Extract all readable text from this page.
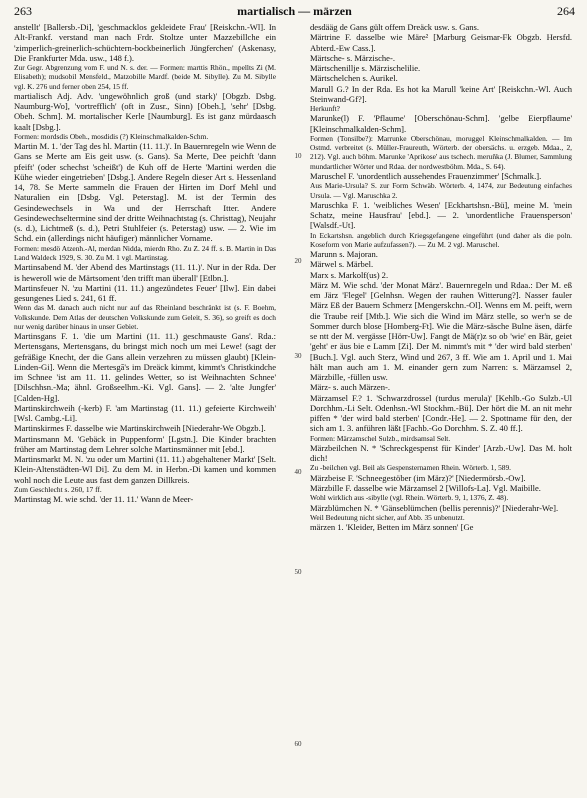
263	martialisch — märzen	264
10
20
30
40
50
60

anstellt' [Ballersb.-Di], 'geschmacklos gekleidete Frau' [Reiskchn.-Wl]. In Alt-Frankf. verstand man nach Frdr. Stoltze unter Mazzebillche ein 'zimperlich-greinerlich-schüchtern-bockbeinerlich Jüngferchen' (Askenasy, Die Frankfurter Mda. usw., 148 f.).

Zur Gegr. Abgrenzung vom F. und N. s. der. — Formen: marttis Rhön., mpellts Zi (M. Elisabeth); mudsobil Mensfeld., Matzobille Mardf. (beide M. Sibylle). Zu M. Sibylle vgl. K. 276 und ferner oben 254, 15 ff.

martialisch Adj. Adv. 'ungewöhnlich groß (und stark)' [Obgzb. Dsbg. Naumburg-Wo], 'vortrefflich' (oft in Zusr., Sinn) [Obeh.], 'sehr' [Dsbg. Obeh. Schm]. M. mortalischer Kerle [Naumburg]. Es ist ganz mürdaasch kaalt [Dsbg.].

Formen: mordsdis Obeh., mosdidis (?) Kleinschmalkalden-Schm.

Martin M. 1. 'der Tag des hl. Martin (11. 11.)'. In Bauernregeln wie Wenn de Gans se Merte am Eis geit usw. (s. Gans). Sa Merte, Dee peichft 'dann pfeift' (oder schechst 'scheißt') de Kuh off de Herte 'Martini werden die Kühe wieder eingetrieben' [Dsbg.]. Andere Regeln dieser Art s. Hessenland 14, 78. Se Merte sammeln die Frauen der Hirten im Dorf Mehl und Naturalien ein [Dsbg. Vgl. Peterstag]. M. ist der Termin des Gesindewechsels in Wa und der Herrschaft Itter. Andere Gesindewechseltermine sind der dritte Weihnachtstag (s. Christtag), Neujahr (s. d.), Lichtmeß (s. d.), Petri Stuhlfeier (s. Peterstag) usw. — 2. Wie im Schd. ein (allerdings nicht häufiger) männlicher Vorname.

Formen: mesdö Atzenh.-Al, merdan Nidda, mierdn Rho. Zu Z. 24 ff. s. B. Martin in Das Land Waldeck 1929, S. 30. Zu M. 1 vgl. Martinstag.

Martinsabend M. 'der Abend des Martinstags (11. 11.)'. Nur in der Rda. Der is heweroll wie de Märtsoment 'den trifft man überall' [Etlbn.].

Martinsfeuer N. 'zu Martini (11. 11.) angezündetes Feuer' [Ilw]. Ein dabei gesungenes Lied s. 241, 61 ff.

Wenn das M. danach auch nicht nur auf das Rheinland beschränkt ist (s. F. Boehm, Volkskunde. Dem Atlas der deutschen Volkskunde zum Geleit, S. 36), so greift es doch nur wenig darüber hinaus in unser Gebiet.

Martinsgans F. 1. 'die um Martini (11. 11.) geschmauste Gans'. Rda.: Mertensgans, Mertensgans, du bringst mich noch um mei Lewe! (sagt der gefräßige Knecht, der die Gans allein verzehren zu müssen glaubt) [Klein-Linden-Gi]. Wenn die Mertesgā's im Dreäck kimmt, kimmt's Christkindche im Schnee 'ist am 11. 11. gelindes Wetter, so ist Weihnachten Schnee' [Dilschhsn.-Ma; ähnl. Großseelhm.-Ki. Vgl. Gans]. — 2. 'alte Jungfer' [Calden-Hg].

Martinskirchweih (-kerb) F. 'am Martinstag (11. 11.) gefeierte Kirchweih' [Wsl. Cambg.-Li].

Martinskirmes F. dasselbe wie Martinskirchweih [Niederahr-We Obgzb.].

Martinsmann M. 'Gebäck in Puppenform' [Lgstn.]. Die Kinder brachten früher am Martinstag dem Lehrer solche Martinsmänner mit [ebd.].

Martinsmarkt M. N. 'zu oder um Martini (11. 11.) abgehaltener Markt' [Selt. Klein-Altenstädten-Wl Di]. Zu dem M. in Herbn.-Di kamen und kommen wohl noch die Leute aus fast dem ganzen Dillkreis.

Zum Geschlecht s. 260, 17 ff.

Martinstag M. wie schd. 'der 11. 11.' Wann de Meer-

desdääg de Gans gült offem Dreäck usw. s. Gans.

Märtrine F. dasselbe wie Märe² [Marburg Geismar-Fk Obgzb. Hersfd. Abterd.-Ew Cass.].

Märtsche- s. Märzische-.

Märtschenillje s. Märzischelilie.

Märtschelchen s. Aurikel.

Marull G.? In der Rda. Es hot ka Marull 'keine Art' [Reiskchn.-Wl. Auch Steinwand-Gf?].

Herkunft?

Marunke(l) F. 'Pflaume' [Oberschönau-Schm]. 'gelbe Eierpflaume' [Kleinschmalkalden-Schm].

Formen (Tonsilbe?): Marrunke Oberschönau, moruggel Kleinschmalkalden. — Im Ostmd. verbreitet (s. Müller-Fraureuth, Wörterb. der obersächs. u. erzgeb. Mdaa., 2, 212). Vgl. auch böhm. Marunke 'Aprikose' aus tschech. meruňka (J. Blumer, Sammlung mundartlicher Wörter und Rdaa. der nordwestböhm. Mda., S. 64).

Maruschel F. 'unordentlich aussehendes Frauenzimmer' [Schmalk.].

Aus Marie-Ursula? S. zur Form Schwäb. Wörterb. 4, 1474, zur Bedeutung einfaches Ursula. — Vgl. Maruschka 2.

Maruschka F. 1. 'weibliches Wesen' [Eckhartshsn.-Bü], meine M. 'mein Schatz, meine Hausfrau' [ebd.]. — 2. 'unordentliche Frauensperson' [Walsdf.-Ut].

In Eckartshsn. angeblich durch Kriegsgefangene eingeführt (und daher als die poln. Koseform von Marie aufzufassen?). — Zu M. 2 vgl. Maruschel.

Marunn s. Majoran.

Märwel s. Märbel.

Marx s. Markolf(us) 2.

März M. Wie schd. 'der Monat März'. Bauernregeln und Rdaa.: Der M. eß em Järz 'Flegel' [Gelnhsn. Wegen der rauhen Witterung?]. Nasser fauler März Eß der Bauern Schmerz [Mengerskchn.-Ol]. Wenns em M. peift, wern die Traube reif [Mtb.]. Wie sich die Wind im März stelle, so wer'n se de Sommer durch blose [Homberg-Ft]. Wie die März-säsche Bulne äsen, därfe se ntt der M. vergässe [Hörr-Uw]. Fangt de Mä(r)z so ob 'wie' en Bär, geiet 'geht' er äus bie e Lamm [Zi]. Der M. nimmt's mit * 'der wird bald sterben' [Buch.]. Vgl. auch Sterz, Wind und 267, 3 ff. Wie am 1. April und 1. Mai hält man auch am 1. M. einander gern zum Narren: s. Märzamsel 2, Märzbille, -füllen usw.

März- s. auch Märzen-.

Märzamsel F.? 1. 'Schwarzdrossel (turdus merula)' [Kehlb.-Go Sulzb.-Ul Dorchhm.-Li Selt. Odenhsn.-Wl Stockhm.-Bü]. Der hört die M. an nit mehr piffen * 'der wird bald sterben' [Condr.-He]. — 2. Spottname für den, der sich am 1. 3. anführen läßt [Fachb.-Go Dorchhm. S. Z. 40 ff.].

Formen: Märzamschel Sulzb., mirdsamsal Selt.

Märzbeilchen N. * 'Schreckgespenst für Kinder' [Arzb.-Uw]. Das M. holt dich!

Zu -beilchen vgl. Beil als Gespensternamen Rhein. Wörterb. 1, 589.

Märzbeise F. 'Schneegestöber (im März)?' [Niedermörsb.-Ow].

Märzbille F. dasselbe wie Märzamsel 2 [Willofs-La]. Vgl. Maibille.

Wohl wirklich aus -sibylle (vgl. Rhein. Wörterb. 9, 1, 1376, Z. 48).

Märzblümchen N. * 'Gänseblümchen (bellis perennis)?' [Niederahr-We].

Weil Bedeutung nicht sicher, auf Abb. 35 unbenutzt.

märzen 1. 'Kleider, Betten im März sonnen' [Ge
